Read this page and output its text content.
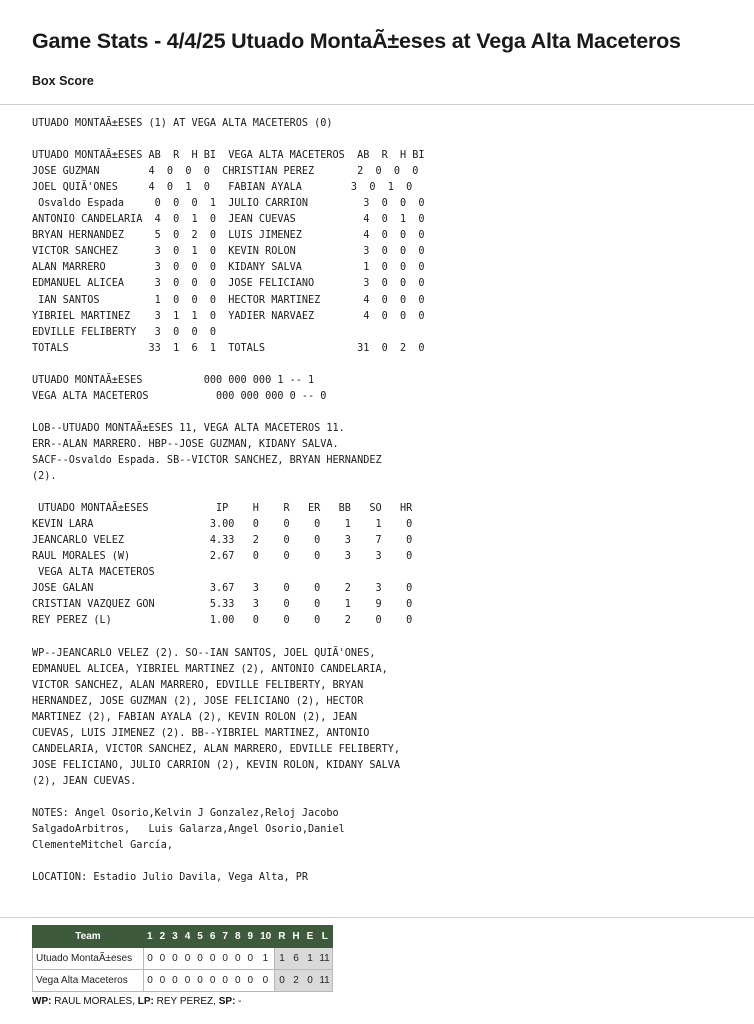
Game Stats - 4/4/25 Utuado MontaÃ±eses at Vega Alta Maceteros
Box Score
UTUADO MONTAÃ±ESES (1) AT VEGA ALTA MACETEROS (0)

UTUADO MONTAÃ±ESES AB  R  H BI  VEGA ALTA MACETEROS  AB  R  H BI
JOSE GUZMAN        4  0  0  0  CHRISTIAN PEREZ       2  0  0  0
JOEL QUIÃ'ONES     4  0  1  0   FABIAN AYALA        3  0  1  0
Osvaldo Espada     0  0  0  1  JULIO CARRION         3  0  0  0
ANTONIO CANDELARIA  4  0  1  0  JEAN CUEVAS           4  0  1  0
BRYAN HERNANDEZ     5  0  2  0  LUIS JIMENEZ          4  0  0  0
VICTOR SANCHEZ      3  0  1  0  KEVIN ROLON           3  0  0  0
ALAN MARRERO        3  0  0  0  KIDANY SALVA          1  0  0  0
EDMANUEL ALICEA     3  0  0  0  JOSE FELICIANO        3  0  0  0
IAN SANTOS         1  0  0  0  HECTOR MARTINEZ       4  0  0  0
YIBRIEL MARTINEZ    3  1  1  0  YADIER NARVAEZ        4  0  0  0
EDVILLE FELIBERTY   3  0  0  0
TOTALS             33  1  6  1  TOTALS               31  0  2  0

UTUADO MONTAÃ±ESES          000 000 000 1 -- 1
VEGA ALTA MACETEROS           000 000 000 0 -- 0

LOB--UTUADO MONTAÃ±ESES 11, VEGA ALTA MACETEROS 11.
ERR--ALAN MARRERO. HBP--JOSE GUZMAN, KIDANY SALVA.
SACF--Osvaldo Espada. SB--VICTOR SANCHEZ, BRYAN HERNANDEZ
(2).

UTUADO MONTAÃ±ESES           IP    H    R   ER   BB   SO   HR
KEVIN LARA                   3.00   0    0    0    1    1    0
JEANCARLO VELEZ              4.33   2    0    0    3    7    0
RAUL MORALES (W)             2.67   0    0    0    3    3    0
VEGA ALTA MACETEROS
JOSE GALAN                   3.67   3    0    0    2    3    0
CRISTIAN VAZQUEZ GON         5.33   3    0    0    1    9    0
REY PEREZ (L)                1.00   0    0    0    2    0    0

WP--JEANCARLO VELEZ (2). SO--IAN SANTOS, JOEL QUIÃ'ONES,
EDMANUEL ALICEA, YIBRIEL MARTINEZ (2), ANTONIO CANDELARIA,
VICTOR SANCHEZ, ALAN MARRERO, EDVILLE FELIBERTY, BRYAN
HERNANDEZ, JOSE GUZMAN (2), JOSE FELICIANO (2), HECTOR
MARTINEZ (2), FABIAN AYALA (2), KEVIN ROLON (2), JEAN
CUEVAS, LUIS JIMENEZ (2). BB--YIBRIEL MARTINEZ, ANTONIO
CANDELARIA, VICTOR SANCHEZ, ALAN MARRERO, EDVILLE FELIBERTY,
JOSE FELICIANO, JULIO CARRION (2), KEVIN ROLON, KIDANY SALVA
(2), JEAN CUEVAS.

NOTES: Angel Osorio,Kelvin J Gonzalez,Reloj Jacobo
SalgadoArbitros,   Luis Galarza,Angel Osorio,Daniel
ClementeMitchel García,

LOCATION: Estadio Julio Davila, Vega Alta, PR

Team	1	2	3	4	5	6	7	8	9	10	R	H	E	L
Utuado MontaÃ±eses	0	0	0	0	0	0	0	0	0	1	1	6	1	11
Vega Alta Maceteros	0	0	0	0	0	0	0	0	0	0	0	2	0	11
WP: RAUL MORALES, LP: REY PEREZ, SP: -
